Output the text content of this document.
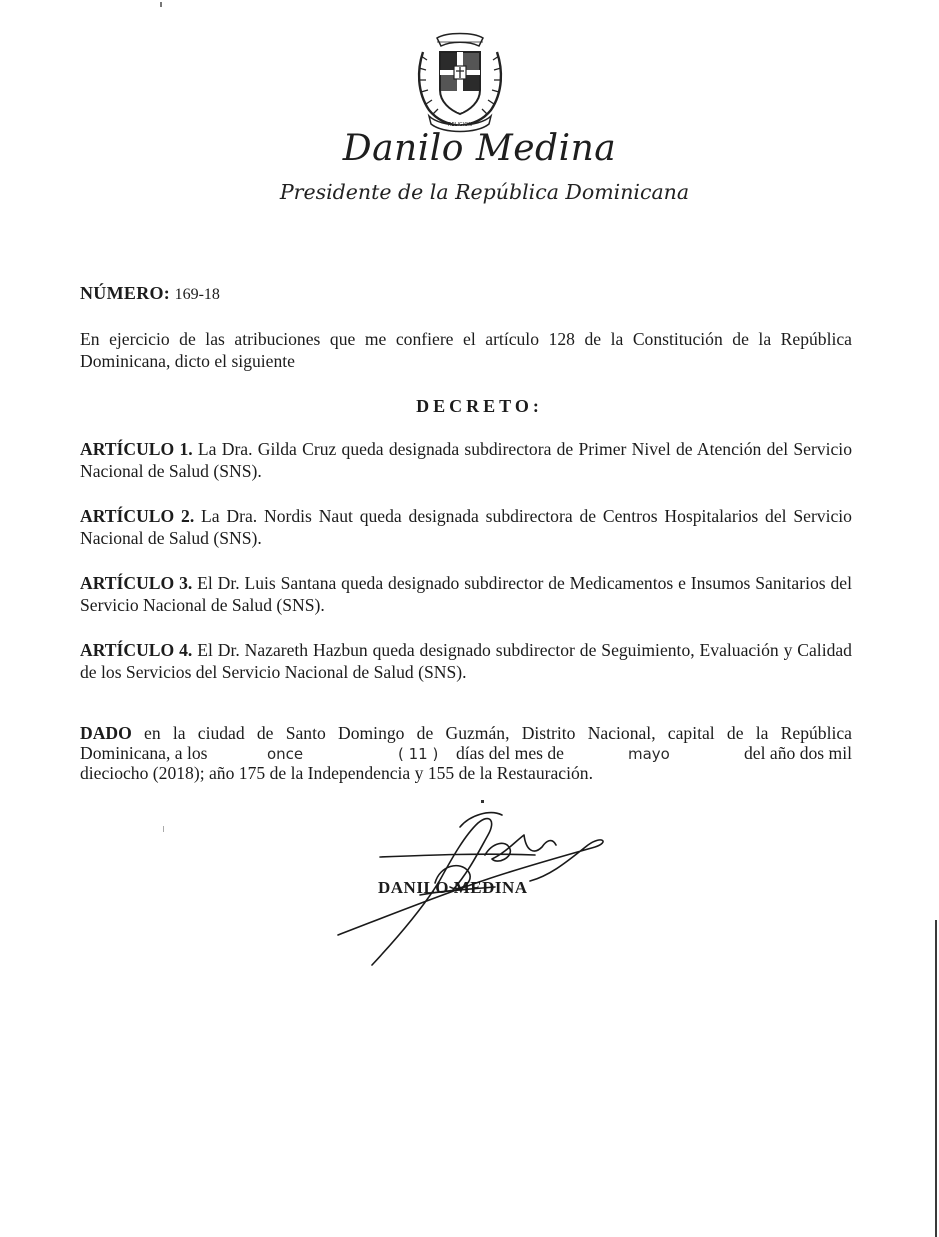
RELIGION
Danilo Medina
Presidente de la República Dominicana
NÚMERO: 169-18
En ejercicio de las atribuciones que me confiere el artículo 128 de la Constitución de la República Dominicana, dicto el siguiente
DECRETO:
ARTÍCULO 1. La Dra. Gilda Cruz queda designada subdirectora de Primer Nivel de Atención del Servicio Nacional de Salud (SNS).
ARTÍCULO 2. La Dra. Nordis Naut queda designada subdirectora de Centros Hospitalarios del Servicio Nacional de Salud (SNS).
ARTÍCULO 3. El Dr. Luis Santana queda designado subdirector de Medicamentos e Insumos Sanitarios del Servicio Nacional de Salud (SNS).
ARTÍCULO 4. El Dr. Nazareth Hazbun queda designado subdirector de Seguimiento, Evaluación y Calidad de los Servicios del Servicio Nacional de Salud (SNS).
DADO en la ciudad de Santo Domingo de Guzmán, Distrito Nacional, capital de la República
Dominicana, a los	once	( 11 ) días del mes de	mayo	del año dos mil
dieciocho (2018); año 175 de la Independencia y 155 de la Restauración.
DANILO MEDINA
